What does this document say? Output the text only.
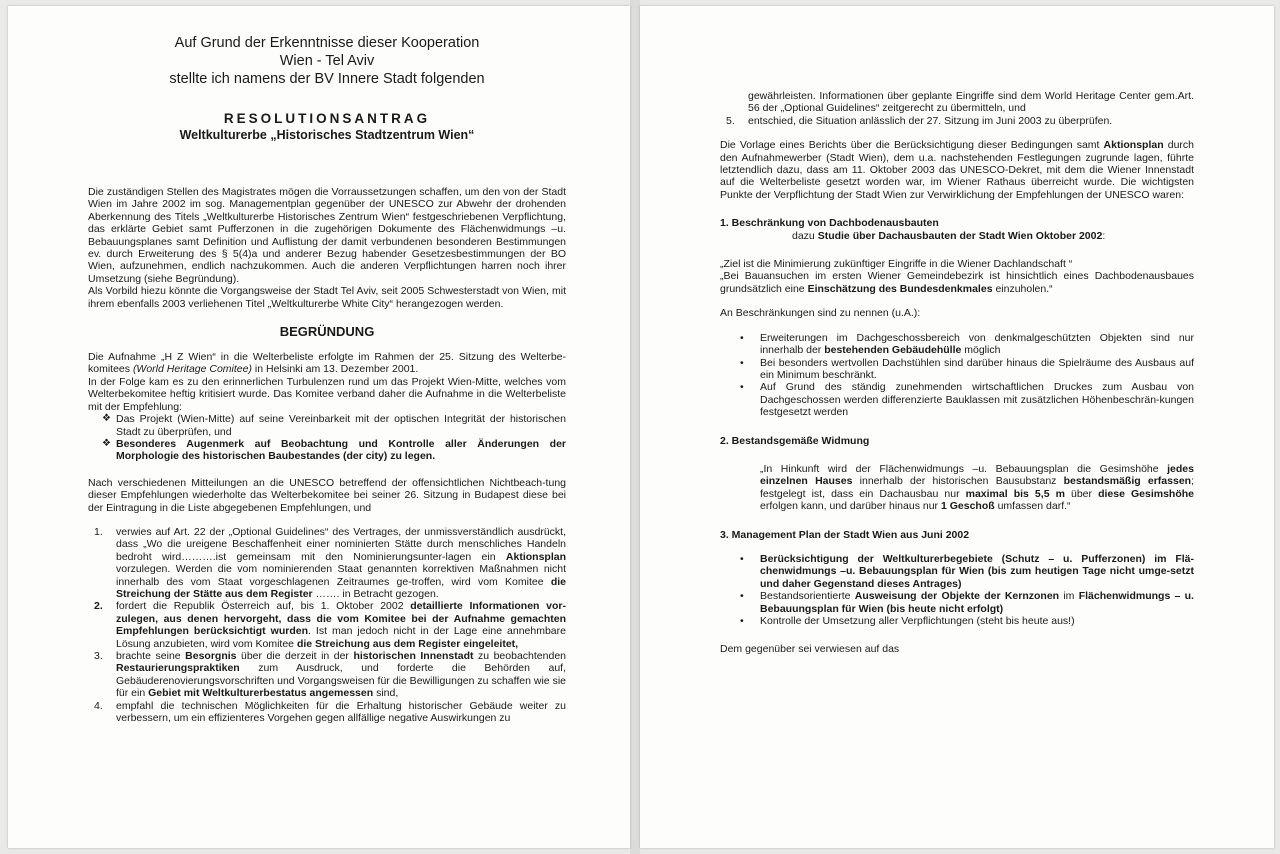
Auf Grund der Erkenntnisse dieser Kooperation

Wien - Tel Aviv

stellte ich namens der BV Innere Stadt folgenden

RESOLUTIONSANTRAG

Weltkulturerbe „Historisches Stadtzentrum Wien“

Die zuständigen Stellen des Magistrates mögen die Vorraussetzungen schaffen, um den von der Stadt Wien im Jahre 2002 im sog. Managementplan gegenüber der UNESCO zur Abwehr der drohenden Aberkennung des Titels „Weltkulturerbe Historisches Zentrum Wien“ festgeschriebenen Verpflichtung, das erklärte Gebiet samt Pufferzonen in die zugehörigen Dokumente des Flächenwidmungs –u. Bebauungsplanes samt Definition und Auflistung der damit verbundenen besonderen Bestimmungen ev. durch Erweiterung des § 5(4)a und anderer Bezug habender Gesetzesbestimmungen der BO Wien, aufzunehmen, endlich nachzukommen. Auch die anderen Verpflichtungen harren noch ihrer Umsetzung (siehe Begründung).

Als Vorbild hiezu könnte die Vorgangsweise der Stadt Tel Aviv, seit 2005 Schwesterstadt von Wien, mit ihrem ebenfalls 2003 verliehenen Titel „Weltkulturerbe White City“ herangezogen werden.

BEGRÜNDUNG

Die Aufnahme „H Z Wien“ in die Welterbeliste erfolgte im Rahmen der 25. Sitzung des Welterbe-komitees (World Heritage Comitee) in Helsinki am 13. Dezember 2001.

In der Folge kam es zu den erinnerlichen Turbulenzen rund um das Projekt Wien-Mitte, welches vom Welterbekomitee heftig kritisiert wurde. Das Komitee verband daher die Aufnahme in die Welterbeliste mit der Empfehlung:

❖ Das Projekt (Wien-Mitte) auf seine Vereinbarkeit mit der optischen Integrität der historischen Stadt zu überprüfen, und
❖ Besonderes Augenmerk auf Beobachtung und Kontrolle aller Änderungen der Morphologie des historischen Baubestandes (der city) zu legen.

Nach verschiedenen Mitteilungen an die UNESCO betreffend der offensichtlichen Nichtbeach-tung dieser Empfehlungen wiederholte das Welterbekomitee bei seiner 26. Sitzung in Budapest diese bei der Eintragung in die Liste abgegebenen Empfehlungen, und

1. verwies auf Art. 22 der „Optional Guidelines“ des Vertrages, der unmissverständlich ausdrückt, dass „Wo die ureigene Beschaffenheit einer nominierten Stätte durch menschliches Handeln bedroht wird……….ist gemeinsam mit den Nominierungsunter-lagen ein Aktionsplan vorzulegen. Werden die vom nominierenden Staat genannten korrektiven Maßnahmen nicht innerhalb des vom Staat vorgeschlagenen Zeitraumes ge-troffen, wird vom Komitee die Streichung der Stätte aus dem Register ……. in Betracht gezogen.
2. fordert die Republik Österreich auf, bis 1. Oktober 2002 detaillierte Informationen vor-zulegen, aus denen hervorgeht, dass die vom Komitee bei der Aufnahme gemachten Empfehlungen berücksichtigt wurden. Ist man jedoch nicht in der Lage eine annehmbare Lösung anzubieten, wird vom Komitee die Streichung aus dem Register eingeleitet,
3. brachte seine Besorgnis über die derzeit in der historischen Innenstadt zu beobachtenden Restaurierungspraktiken zum Ausdruck, und forderte die Behörden auf, Gebäuderenovierungsvorschriften und Vorgangsweisen für die Bewilligungen zu schaffen wie sie für ein Gebiet mit Weltkulturerbestatus angemessen sind,
4. empfahl die technischen Möglichkeiten für die Erhaltung historischer Gebäude weiter zu verbessern, um ein effizienteres Vorgehen gegen allfällige negative Auswirkungen zu
gewährleisten. Informationen über geplante Eingriffe sind dem World Heritage Center gem.Art. 56 der „Optional Guidelines“ zeitgerecht zu übermitteln, und
5. entschied, die Situation anlässlich der 27. Sitzung im Juni 2003 zu überprüfen.

Die Vorlage eines Berichts über die Berücksichtigung dieser Bedingungen samt Aktionsplan durch den Aufnahmewerber (Stadt Wien), dem u.a. nachstehenden Festlegungen zugrunde lagen, führte letztendlich dazu, dass am 11. Oktober 2003 das UNESCO-Dekret, mit dem die Wiener Innenstadt auf die Welterbeliste gesetzt worden war, im Wiener Rathaus überreicht wurde. Die wichtigsten Punkte der Verpflichtung der Stadt Wien zur Verwirklichung der Empfehlungen der UNESCO waren:

1. Beschränkung von Dachbodenausbauten

dazu Studie über Dachausbauten der Stadt Wien Oktober 2002:

„Ziel ist die Minimierung zukünftiger Eingriffe in die Wiener Dachlandschaft “

„Bei Bauansuchen im ersten Wiener Gemeindebezirk ist hinsichtlich eines Dachbodenausbaues grundsätzlich eine Einschätzung des Bundesdenkmales einzuholen.“

An Beschränkungen sind zu nennen (u.A.):

• Erweiterungen im Dachgeschossbereich von denkmalgeschützten Objekten sind nur innerhalb der bestehenden Gebäudehülle möglich
• Bei besonders wertvollen Dachstühlen sind darüber hinaus die Spielräume des Ausbaus auf ein Minimum beschränkt.
• Auf Grund des ständig zunehmenden wirtschaftlichen Druckes zum Ausbau von Dachgeschossen werden differenzierte Bauklassen mit zusätzlichen Höhenbeschrän-kungen festgesetzt werden

2. Bestandsgemäße Widmung

„In Hinkunft wird der Flächenwidmungs –u. Bebauungsplan die Gesimshöhe jedes einzelnen Hauses innerhalb der historischen Bausubstanz bestandsmäßig erfassen; festgelegt ist, dass ein Dachausbau nur maximal bis 5,5 m über diese Gesimshöhe erfolgen kann, und darüber hinaus nur 1 Geschoß umfassen darf.“

3. Management Plan der Stadt Wien aus Juni 2002

• Berücksichtigung der Weltkulturerbegebiete (Schutz – u. Pufferzonen) im Flä-chenwidmungs –u. Bebauungsplan für Wien (bis zum heutigen Tage nicht umge-setzt und daher Gegenstand dieses Antrages)
• Bestandsorientierte Ausweisung der Objekte der Kernzonen im Flächenwidmungs – u. Bebauungsplan für Wien (bis heute nicht erfolgt)
• Kontrolle der Umsetzung aller Verpflichtungen (steht bis heute aus!)

Dem gegenüber sei verwiesen auf das
